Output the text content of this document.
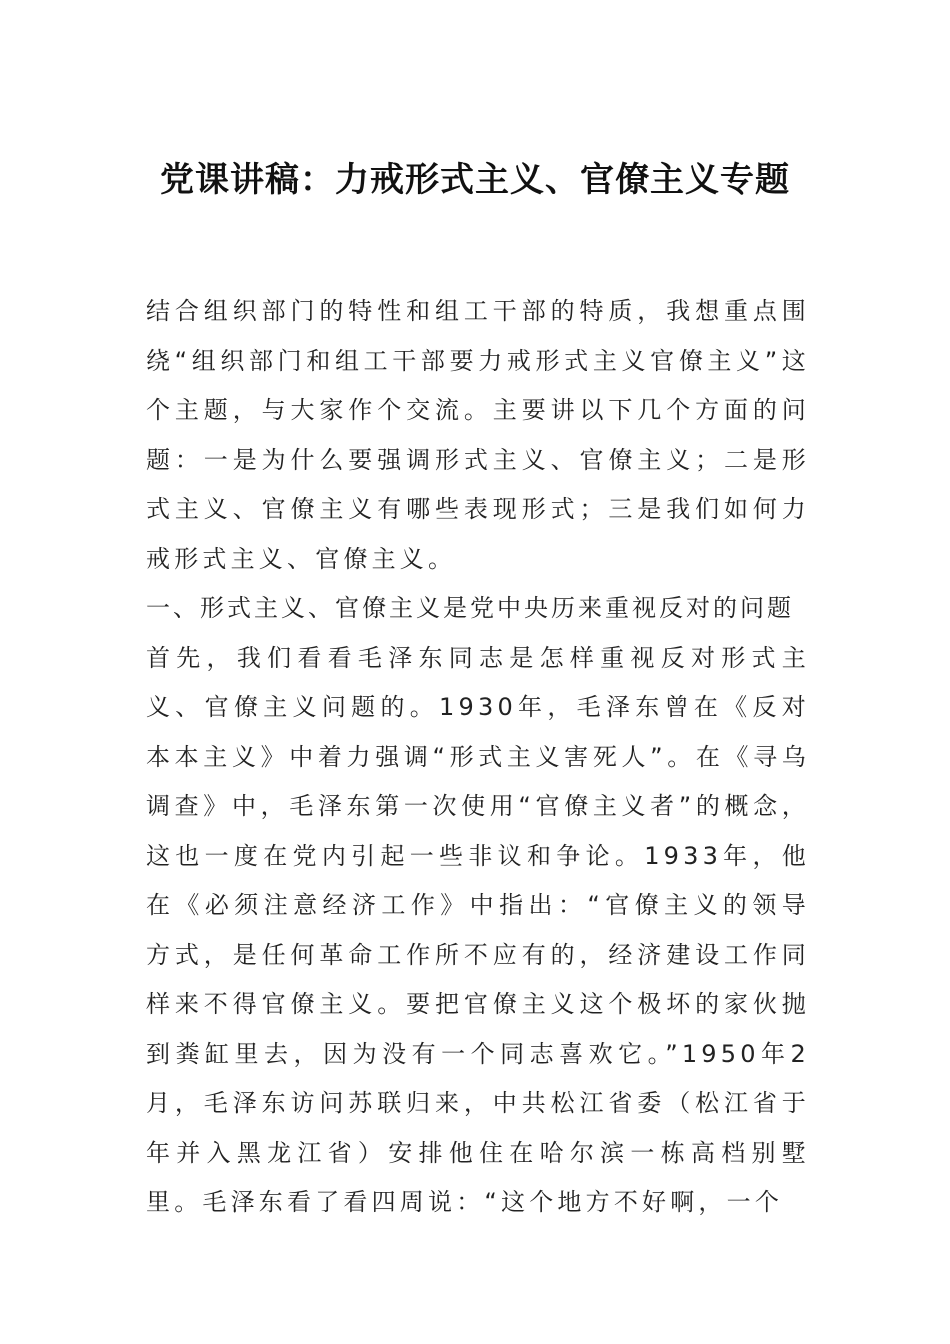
党课讲稿：力戒形式主义、官僚主义专题

结合组织部门的特性和组工干部的特质，我想重点围绕“组织部门和组工干部要力戒形式主义官僚主义”这个主题，与大家作个交流。主要讲以下几个方面的问题：一是为什么要强调形式主义、官僚主义；二是形式主义、官僚主义有哪些表现形式；三是我们如何力戒形式主义、官僚主义。

一、形式主义、官僚主义是党中央历来重视反对的问题

首先，我们看看毛泽东同志是怎样重视反对形式主义、官僚主义问题的。1930年，毛泽东曾在《反对本本主义》中着力强调“形式主义害死人”。在《寻乌调查》中，毛泽东第一次使用“官僚主义者”的概念，这也一度在党内引起一些非议和争论。1933年，他在《必须注意经济工作》中指出：“官僚主义的领导方式，是任何革命工作所不应有的，经济建设工作同样来不得官僚主义。要把官僚主义这个极坏的家伙抛到粪缸里去，因为没有一个同志喜欢它。”1950年2月，毛泽东访问苏联归来，中共松江省委（松江省于年并入黑龙江省）安排他住在哈尔滨一栋高档别墅里。毛泽东看了看四周说：“这个地方不好啊，一个
